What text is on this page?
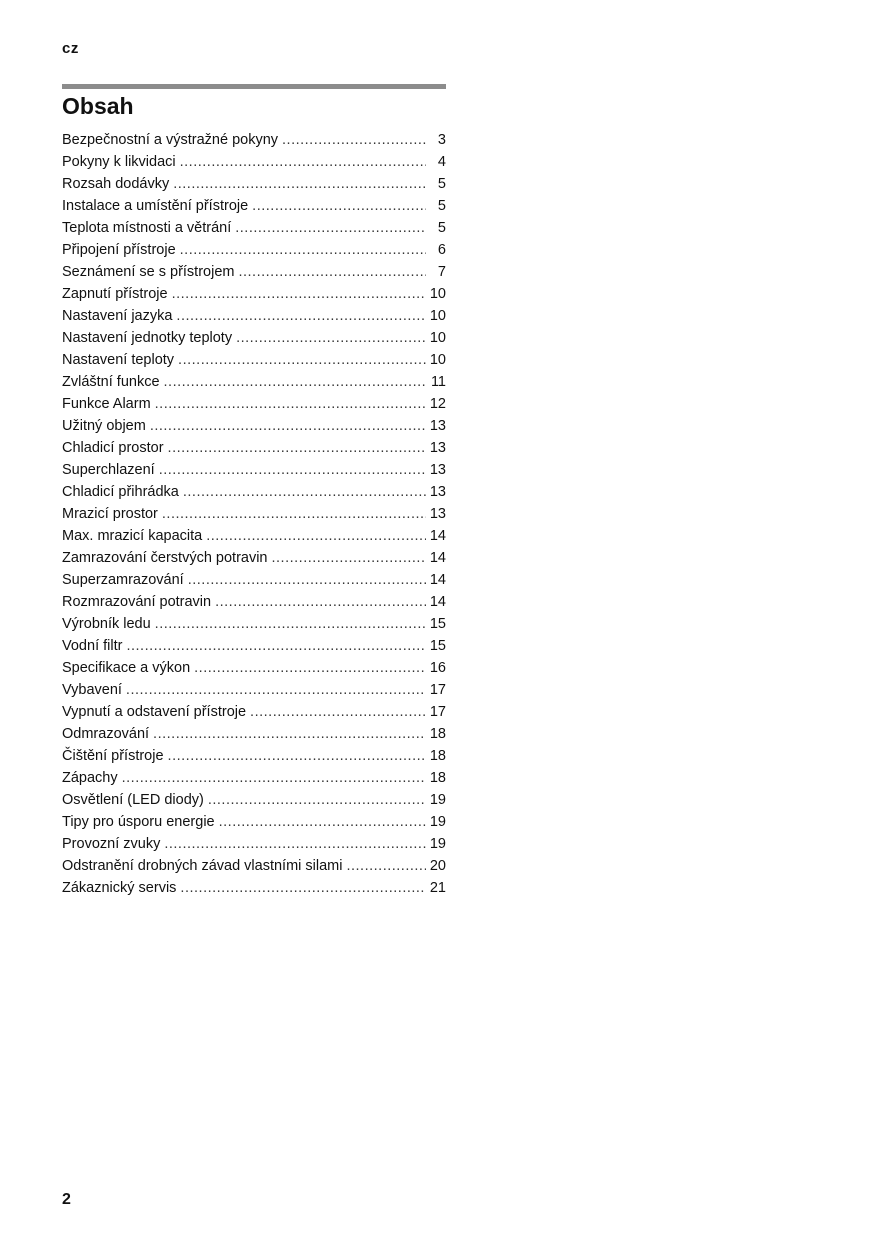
cz
Obsah
Bezpečnostní a výstražné pokyny .....	3
Pokyny k likvidaci .....	4
Rozsah dodávky .....	5
Instalace a umístění přístroje .....	5
Teplota místnosti a větrání .....	5
Připojení přístroje .....	6
Seznámení se s přístrojem .....	7
Zapnutí přístroje .....	10
Nastavení jazyka .....	10
Nastavení jednotky teploty .....	10
Nastavení teploty .....	10
Zvláštní funkce .....	11
Funkce Alarm .....	12
Užitný objem .....	13
Chladicí prostor .....	13
Superchlazení .....	13
Chladicí přihrádka .....	13
Mrazicí prostor .....	13
Max. mrazicí kapacita .....	14
Zamrazování čerstvých potravin .....	14
Superzamrazování .....	14
Rozmrazování potravin .....	14
Výrobník ledu .....	15
Vodní filtr .....	15
Specifikace a výkon .....	16
Vybavení .....	17
Vypnutí a odstavení přístroje .....	17
Odmrazování .....	18
Čištění přístroje .....	18
Zápachy .....	18
Osvětlení (LED diody) .....	19
Tipy pro úsporu energie .....	19
Provozní zvuky .....	19
Odstranění drobných závad vlastními silami .....	20
Zákaznický servis .....	21
2
